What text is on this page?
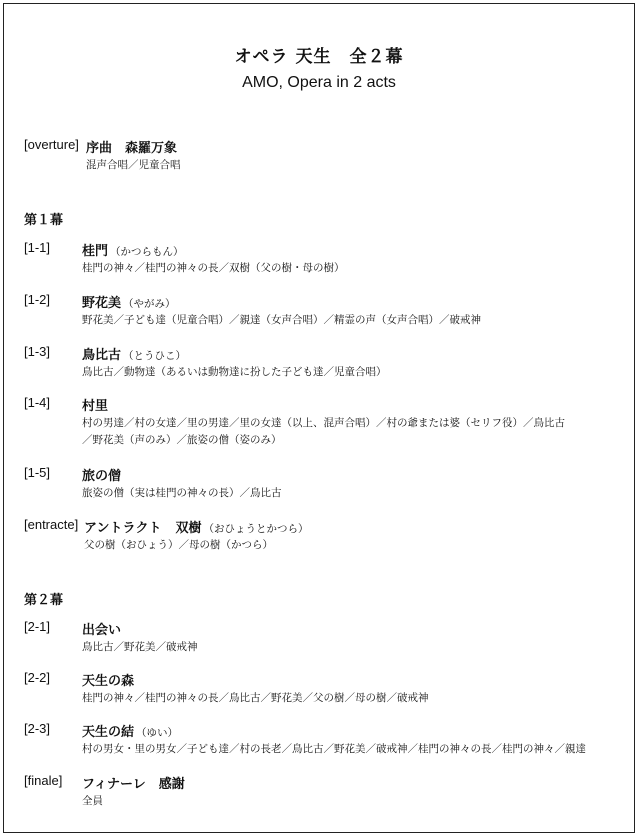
オペラ 天生　全２幕
AMO, Opera in 2 acts
[overture] 序曲　森羅万象
混声合唱／児童合唱
第１幕
[1-1] 桂門 （かつらもん）
桂門の神々／桂門の神々の長／双樹（父の樹・母の樹）
[1-2] 野花美 （やがみ）
野花美／子ども達（児童合唱）／親達（女声合唱）／精霊の声（女声合唱）／破戒神
[1-3] 鳥比古 （とうひこ）
鳥比古／動物達（あるいは動物達に扮した子ども達／児童合唱）
[1-4] 村里
村の男達／村の女達／里の男達／里の女達（以上、混声合唱）／村の爺または婆（セリフ役）／鳥比古／野花美（声のみ）／旅姿の僧（姿のみ）
[1-5] 旅の僧
旅姿の僧（実は桂門の神々の長）／鳥比古
[entracte] アントラクト 双樹 （おひょうとかつら）
父の樹（おひょう）／母の樹（かつら）
第２幕
[2-1] 出会い
鳥比古／野花美／破戒神
[2-2] 天生の森
桂門の神々／桂門の神々の長／鳥比古／野花美／父の樹／母の樹／破戒神
[2-3] 天生の結 （ゆい）
村の男女・里の男女／子ども達／村の長老／鳥比古／野花美／破戒神／桂門の神々の長／桂門の神々／親達
[finale] フィナーレ　感謝
全員
